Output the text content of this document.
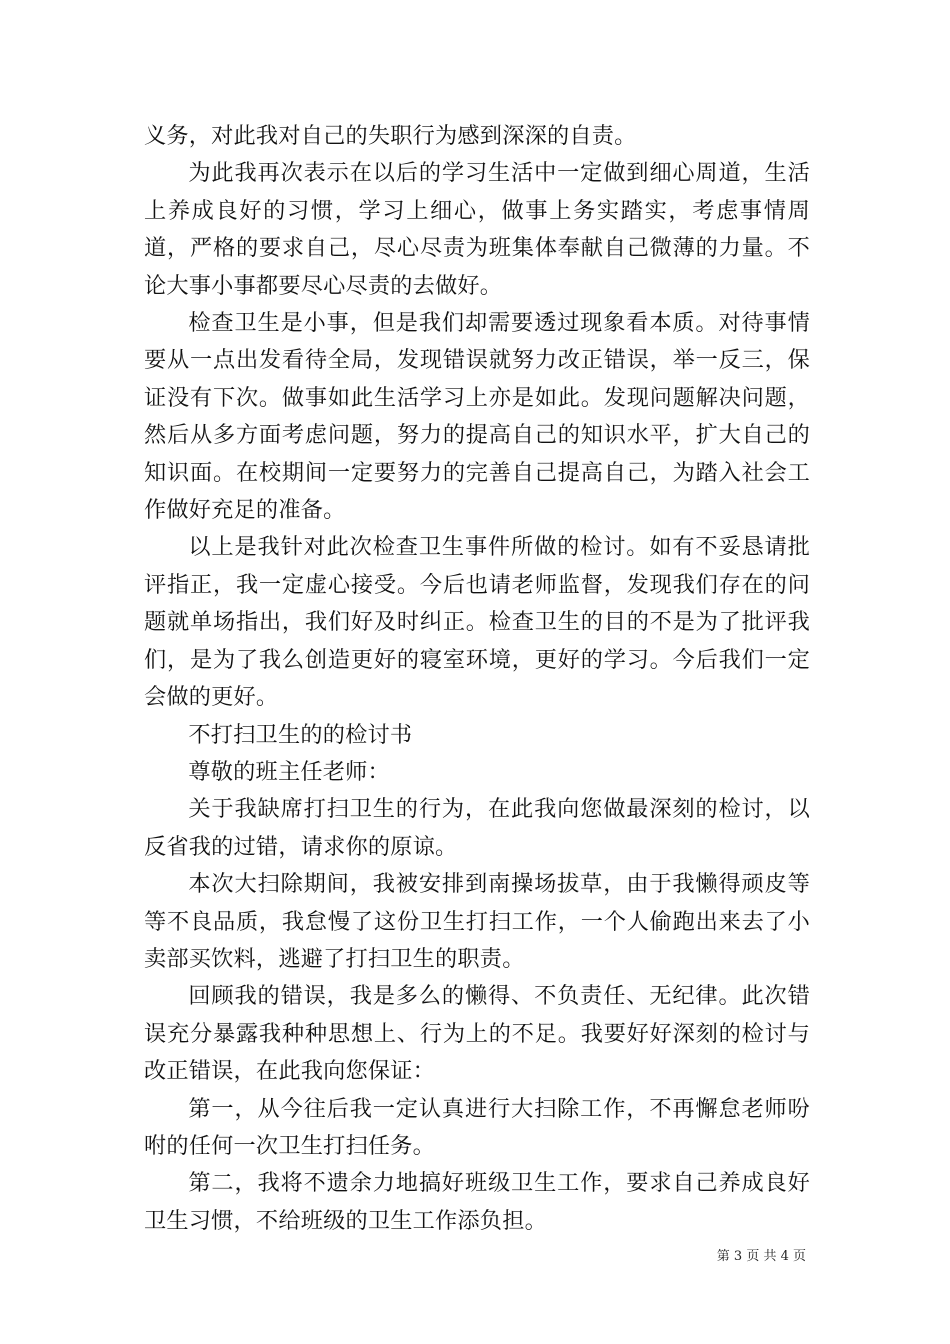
义务，对此我对自己的失职行为感到深深的自责。

为此我再次表示在以后的学习生活中一定做到细心周道，生活上养成良好的习惯，学习上细心，做事上务实踏实，考虑事情周道，严格的要求自己，尽心尽责为班集体奉献自己微薄的力量。不论大事小事都要尽心尽责的去做好。

检查卫生是小事，但是我们却需要透过现象看本质。对待事情要从一点出发看待全局，发现错误就努力改正错误，举一反三，保证没有下次。做事如此生活学习上亦是如此。发现问题解决问题，然后从多方面考虑问题，努力的提高自己的知识水平，扩大自己的知识面。在校期间一定要努力的完善自己提高自己，为踏入社会工作做好充足的准备。

以上是我针对此次检查卫生事件所做的检讨。如有不妥恳请批评指正，我一定虚心接受。今后也请老师监督，发现我们存在的问题就单场指出，我们好及时纠正。检查卫生的目的不是为了批评我们，是为了我么创造更好的寝室环境，更好的学习。今后我们一定会做的更好。

不打扫卫生的的检讨书

尊敬的班主任老师：

关于我缺席打扫卫生的行为，在此我向您做最深刻的检讨，以反省我的过错，请求你的原谅。

本次大扫除期间，我被安排到南操场拔草，由于我懒得顽皮等等不良品质，我怠慢了这份卫生打扫工作，一个人偷跑出来去了小卖部买饮料，逃避了打扫卫生的职责。

回顾我的错误，我是多么的懒得、不负责任、无纪律。此次错误充分暴露我种种思想上、行为上的不足。我要好好深刻的检讨与改正错误，在此我向您保证：

第一，从今往后我一定认真进行大扫除工作，不再懈怠老师吩咐的任何一次卫生打扫任务。

第二，我将不遗余力地搞好班级卫生工作，要求自己养成良好卫生习惯，不给班级的卫生工作添负担。

第 3 页 共 4 页
